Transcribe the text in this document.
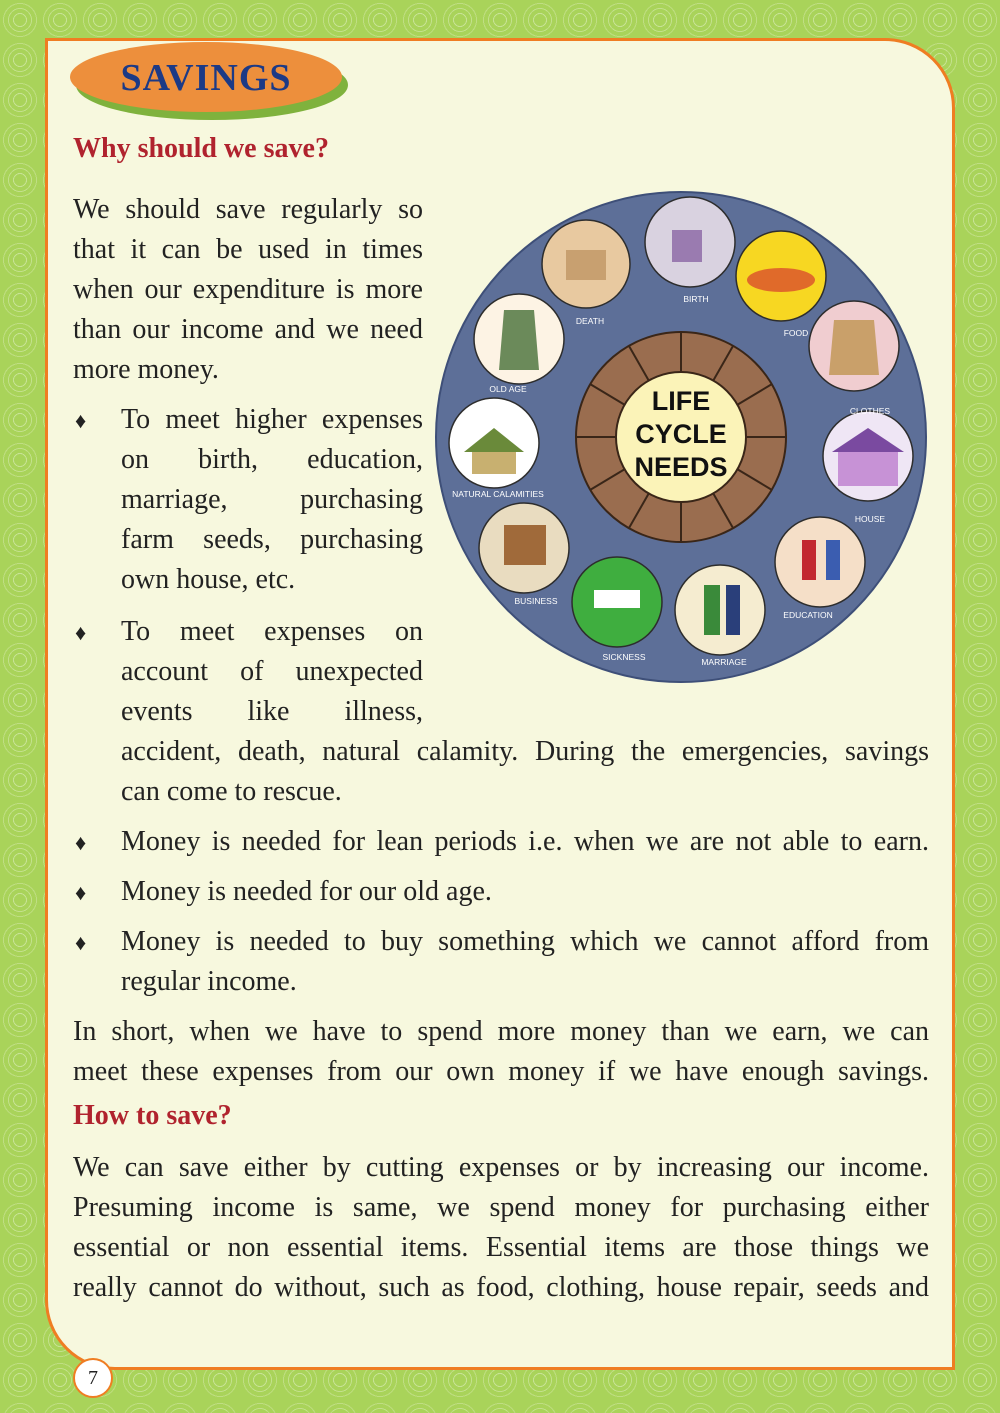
SAVINGS
Why should we save?
We should save regularly so
that it can be used in times
when our expenditure is more
than our income and we need
more money.
♦ To meet higher expenses
on birth, education,
marriage, purchasing
farm seeds, purchasing
own house, etc.
♦ To meet expenses on
account of unexpected
events like illness,
accident, death, natural calamity. During the emergencies, savings
can come to rescue.
♦ Money is needed for lean periods i.e. when we are not able to earn.
♦ Money is needed for our old age.
♦ Money is needed to buy something which we cannot afford from
regular income.
In short, when we have to spend more money than we earn, we can
meet these expenses from our own money if we have enough savings.
How to save?
We can save either by cutting expenses or by increasing our income.
Presuming income is same, we spend money for purchasing either
essential or non essential items. Essential items are those things we
really cannot do without, such as food, clothing, house repair, seeds and
LIFE
CYCLE
NEEDS
BIRTH
FOOD
CLOTHES
HOUSE
EDUCATION
MARRIAGE
SICKNESS
BUSINESS
NATURAL CALAMITIES
OLD AGE
DEATH
7
